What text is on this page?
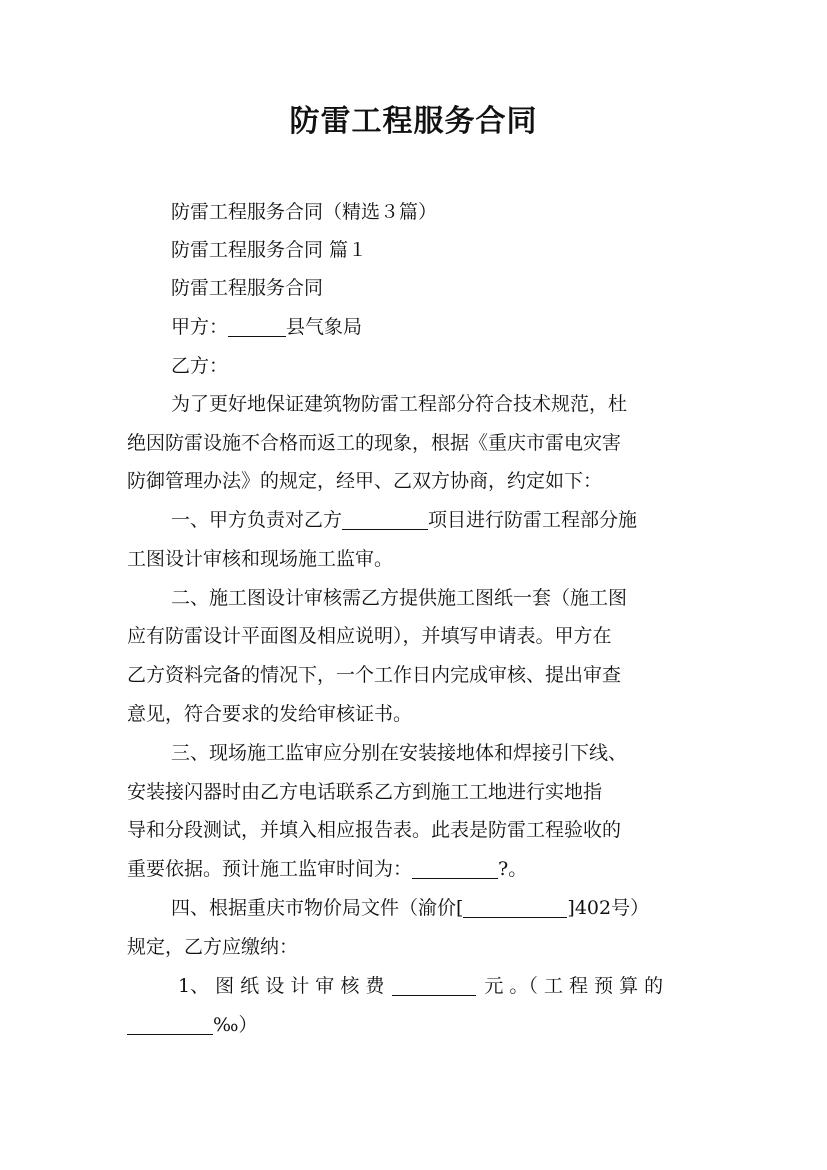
防雷工程服务合同
防雷工程服务合同（精选３篇）
防雷工程服务合同 篇１
防雷工程服务合同
甲方：	县气象局
乙方：
为了更好地保证建筑物防雷工程部分符合技术规范，杜
绝因防雷设施不合格而返工的现象，根据《重庆市雷电灾害
防御管理办法》的规定，经甲、乙双方协商，约定如下：
一、甲方负责对乙方	项目进行防雷工程部分施
工图设计审核和现场施工监审。
二、施工图设计审核需乙方提供施工图纸一套（施工图
应有防雷设计平面图及相应说明），并填写申请表。甲方在
乙方资料完备的情况下，一个工作日内完成审核、提出审查
意见，符合要求的发给审核证书。
三、现场施工监审应分别在安装接地体和焊接引下线、
安装接闪器时由乙方电话联系乙方到施工工地进行实地指
导和分段测试，并填入相应报告表。此表是防雷工程验收的
重要依据。预计施工监审时间为：	?。
四、根据重庆市物价局文件（渝价[	]402号）
规定，乙方应缴纳：
1、 图 纸 设 计 审 核 费	元 。（ 工 程 预 算 的
‰）
